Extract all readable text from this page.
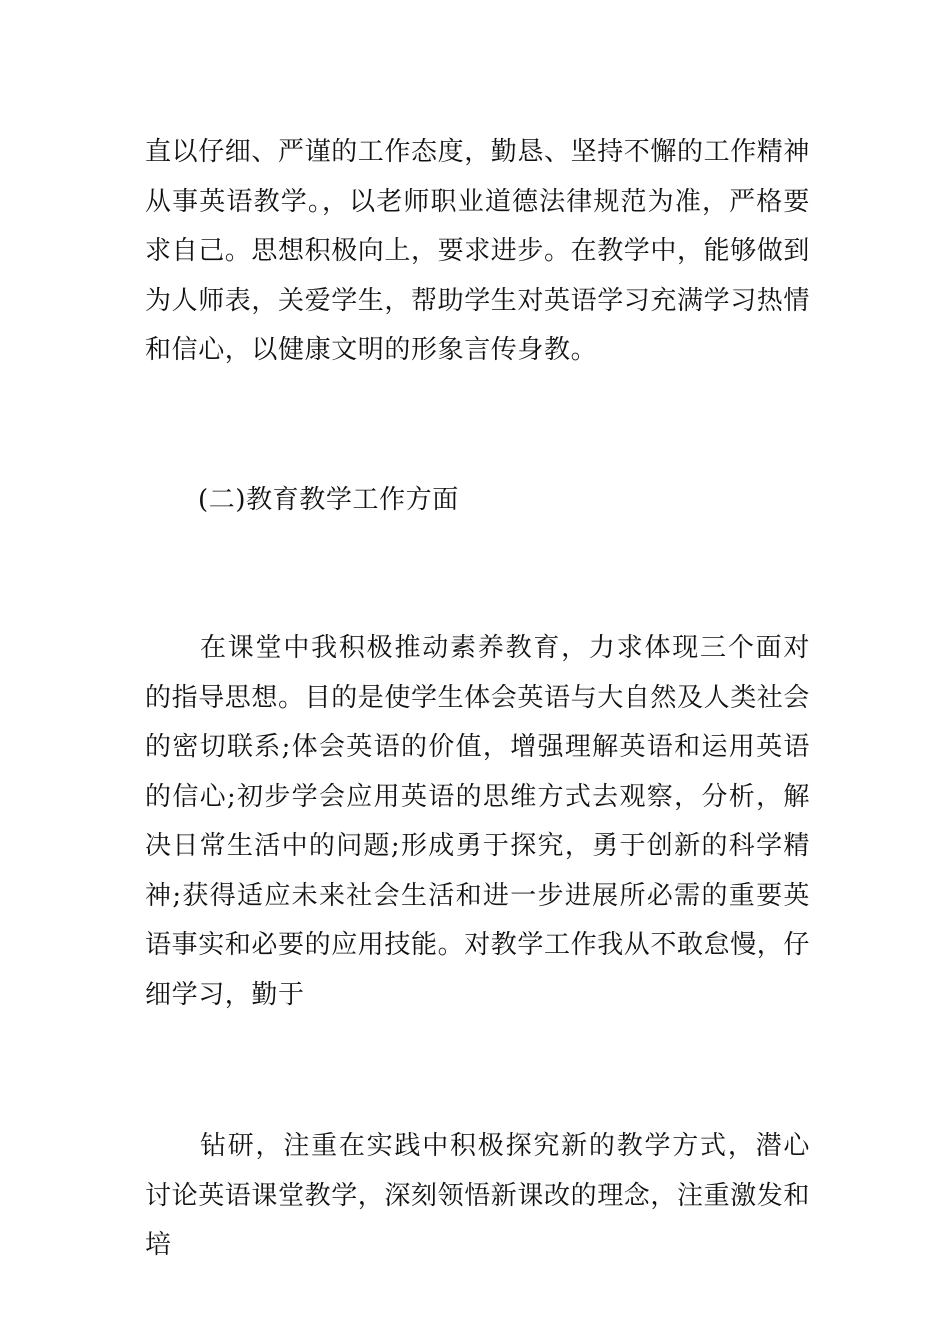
直以仔细、严谨的工作态度，勤恳、坚持不懈的工作精神从事英语教学。，以老师职业道德法律规范为准，严格要求自己。思想积极向上，要求进步。在教学中，能够做到为人师表，关爱学生，帮助学生对英语学习充满学习热情和信心，以健康文明的形象言传身教。

(二)教育教学工作方面

在课堂中我积极推动素养教育，力求体现三个面对的指导思想。目的是使学生体会英语与大自然及人类社会的密切联系;体会英语的价值，增强理解英语和运用英语的信心;初步学会应用英语的思维方式去观察，分析，解决日常生活中的问题;形成勇于探究，勇于创新的科学精神;获得适应未来社会生活和进一步进展所必需的重要英语事实和必要的应用技能。对教学工作我从不敢怠慢，仔细学习，勤于

钻研，注重在实践中积极探究新的教学方式，潜心讨论英语课堂教学，深刻领悟新课改的理念，注重激发和培
